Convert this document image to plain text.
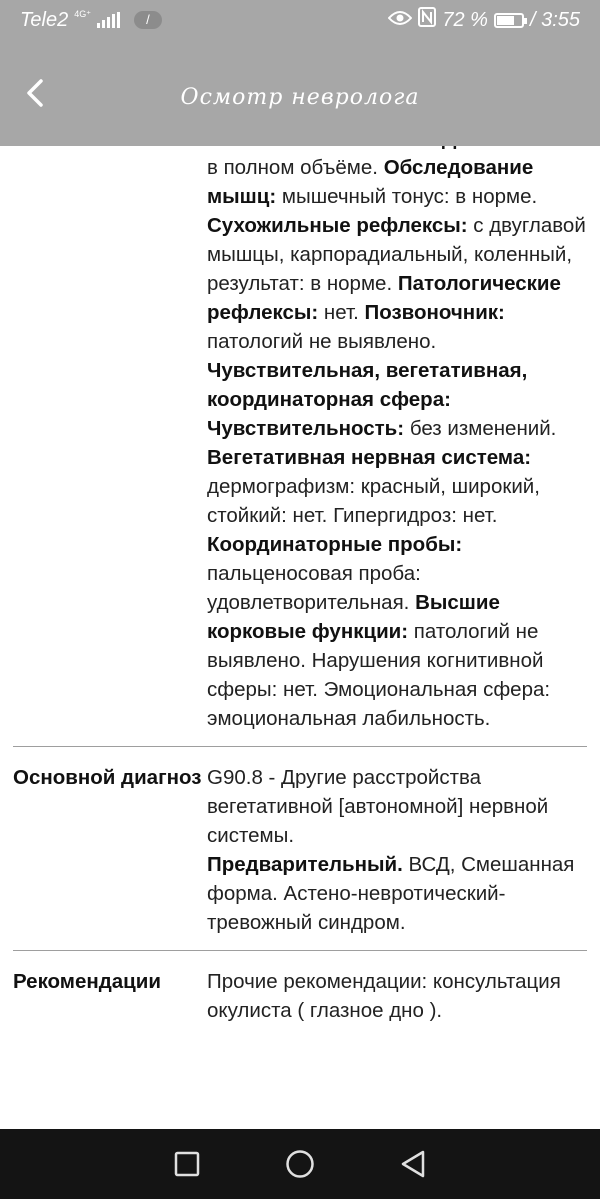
Tele2 4G⁺	/	72 % / 3:55
Осмотр невролога

в полном объёме. Обследование мышц: мышечный тонус: в норме. Сухожильные рефлексы: с двуглавой мышцы, карпорадиальный, коленный, результат: в норме. Патологические рефлексы: нет. Позвоночник: патологий не выявлено. Чувствительная, вегетативная, координаторная сфера: Чувствительность: без изменений. Вегетативная нервная система: дермографизм: красный, широкий, стойкий: нет. Гипергидроз: нет. Координаторные пробы: пальценосовая проба: удовлетворительная. Высшие корковые функции: патологий не выявлено. Нарушения когнитивной сферы: нет. Эмоциональная сфера: эмоциональная лабильность.
Основной диагноз G90.8 - Другие расстройства вегетативной [автономной] нервной системы.
Предварительный. ВСД, Смешанная форма. Астено-невротический- тревожный синдром.
Рекомендации	Прочие рекомендации: консультация окулиста ( глазное дно ).
